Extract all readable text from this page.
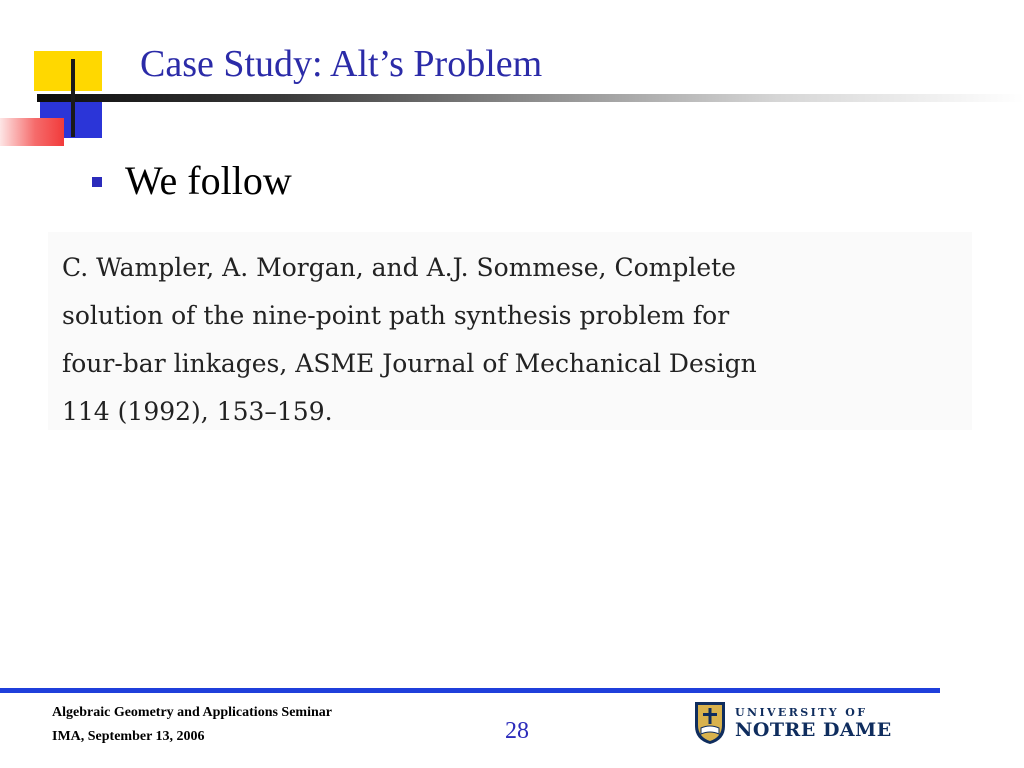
Case Study: Alt’s Problem
We follow
C. Wampler, A. Morgan, and A.J. Sommese, Complete
solution of the nine-point path synthesis problem for
four-bar linkages, ASME Journal of Mechanical Design
114 (1992), 153–159.
Algebraic Geometry and Applications Seminar
IMA, September 13, 2006	28
UNIVERSITY OF
NOTRE DAME
